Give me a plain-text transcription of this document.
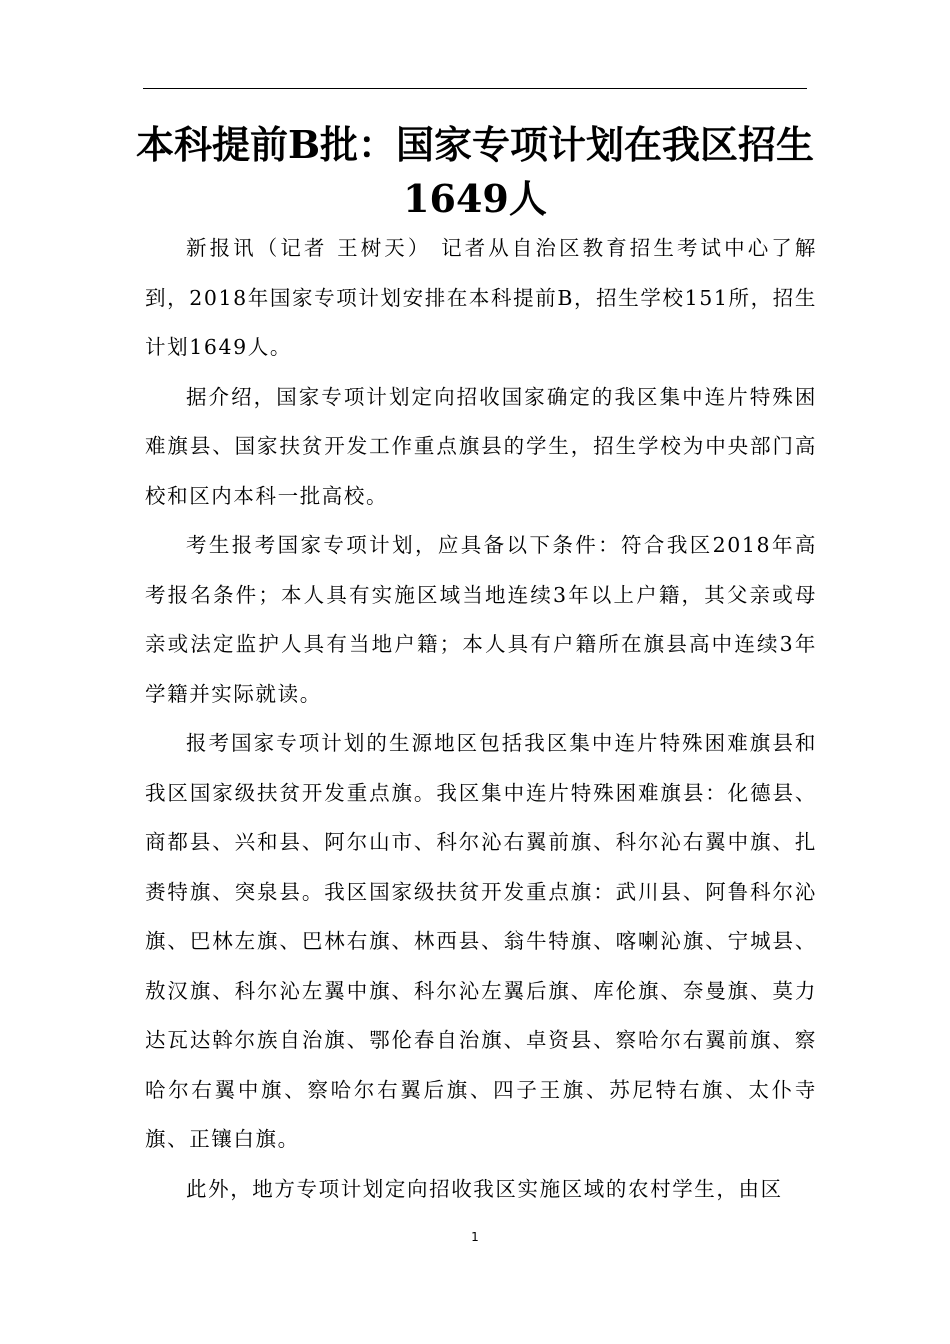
本科提前B批：国家专项计划在我区招生
1649人

新报讯（记者 王树天） 记者从自治区教育招生考试中心了解到，2018年国家专项计划安排在本科提前B，招生学校151所，招生计划1649人。

据介绍，国家专项计划定向招收国家确定的我区集中连片特殊困难旗县、国家扶贫开发工作重点旗县的学生，招生学校为中央部门高校和区内本科一批高校。

考生报考国家专项计划，应具备以下条件：符合我区2018年高考报名条件；本人具有实施区域当地连续3年以上户籍，其父亲或母亲或法定监护人具有当地户籍；本人具有户籍所在旗县高中连续3年学籍并实际就读。

报考国家专项计划的生源地区包括我区集中连片特殊困难旗县和我区国家级扶贫开发重点旗。我区集中连片特殊困难旗县：化德县、商都县、兴和县、阿尔山市、科尔沁右翼前旗、科尔沁右翼中旗、扎赉特旗、突泉县。我区国家级扶贫开发重点旗：武川县、阿鲁科尔沁旗、巴林左旗、巴林右旗、林西县、翁牛特旗、喀喇沁旗、宁城县、敖汉旗、科尔沁左翼中旗、科尔沁左翼后旗、库伦旗、奈曼旗、莫力达瓦达斡尔族自治旗、鄂伦春自治旗、卓资县、察哈尔右翼前旗、察哈尔右翼中旗、察哈尔右翼后旗、四子王旗、苏尼特右旗、太仆寺旗、正镶白旗。

此外，地方专项计划定向招收我区实施区域的农村学生，由区

1
